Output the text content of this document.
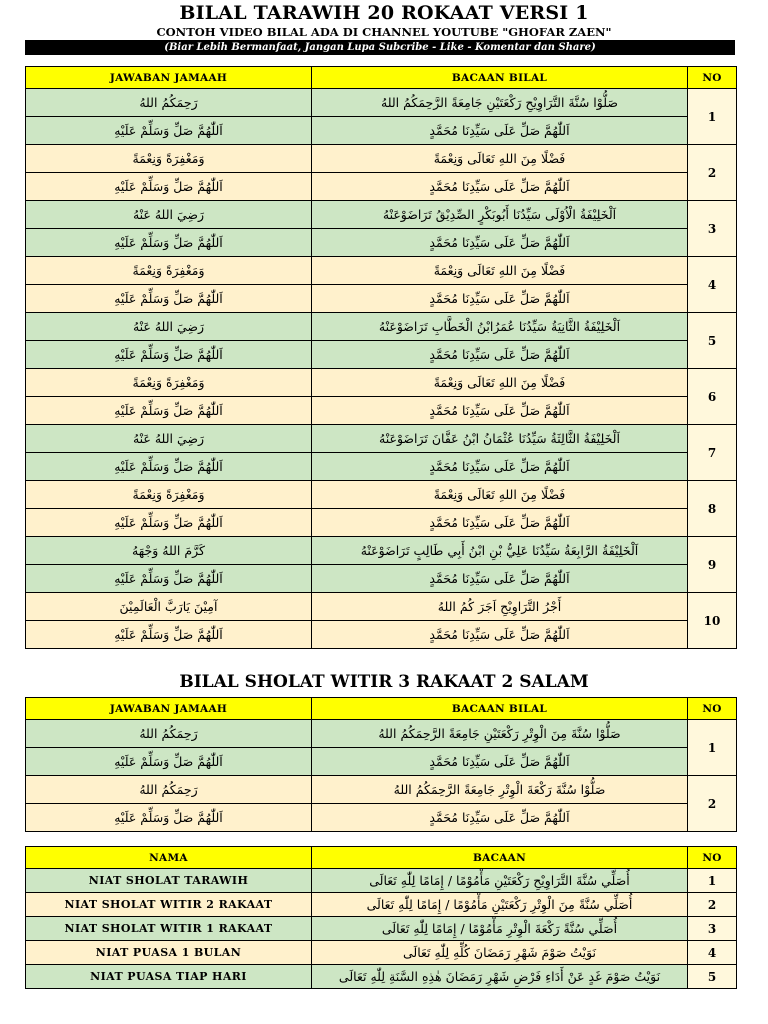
BILAL TARAWIH 20 ROKAAT VERSI 1
CONTOH VIDEO BILAL ADA DI CHANNEL YOUTUBE "GHOFAR ZAEN"
(Biar Lebih Bermanfaat, Jangan Lupa Subcribe - Like - Komentar dan Share)
JAWABAN JAMAAH	BACAAN BILAL	NO
رَحِمَكُمُ اللهُ	صَلُّوْا سُنَّةَ التَّرَاوِيْحِ رَكْعَتَيْنِ جَامِعَةً الرَّحِمَكُمُ اللهُ	1
اَللّٰهُمَّ صَلِّ وَسَلِّمْ عَلَيْهِ	اَللّٰهُمَّ صَلِّ عَلَى سَيِّدِنَا مُحَمَّدٍ	
وَمَغْفِرَةً وَنِعْمَةً	فَضْلًا مِنَ اللهِ تَعَالَى وَنِعْمَةً	2
اَللّٰهُمَّ صَلِّ وَسَلِّمْ عَلَيْهِ	اَللّٰهُمَّ صَلِّ عَلَى سَيِّدِنَا مُحَمَّدٍ	
رَضِيَ اللهُ عَنْهُ	اَلْخَلِيْفَةُ الْاُوْلَى سَيِّدُنَا أَبُوبَكْرٍ الصِّدِيْقُ تَرَاضَوْعَنْهُ	3
اَللّٰهُمَّ صَلِّ وَسَلِّمْ عَلَيْهِ	اَللّٰهُمَّ صَلِّ عَلَى سَيِّدِنَا مُحَمَّدٍ	
وَمَغْفِرَةً وَنِعْمَةً	فَضْلًا مِنَ اللهِ تَعَالَى وَنِعْمَةً	4
اَللّٰهُمَّ صَلِّ وَسَلِّمْ عَلَيْهِ	اَللّٰهُمَّ صَلِّ عَلَى سَيِّدِنَا مُحَمَّدٍ	
رَضِيَ اللهُ عَنْهُ	اَلْخَلِيْفَةُ الثَّانِيَةُ سَيِّدُنَا عُمَرُابْنُ الْخَطَّابِ تَرَاضَوْعَنْهُ	5
اَللّٰهُمَّ صَلِّ وَسَلِّمْ عَلَيْهِ	اَللّٰهُمَّ صَلِّ عَلَى سَيِّدِنَا مُحَمَّدٍ	
وَمَغْفِرَةً وَنِعْمَةً	فَضْلًا مِنَ اللهِ تَعَالَى وَنِعْمَةً	6
اَللّٰهُمَّ صَلِّ وَسَلِّمْ عَلَيْهِ	اَللّٰهُمَّ صَلِّ عَلَى سَيِّدِنَا مُحَمَّدٍ	
رَضِيَ اللهُ عَنْهُ	اَلْخَلِيْفَةُ الثَّالِثَةُ سَيِّدُنَا عُثْمَانُ ابْنُ عَفَّانَ تَرَاضَوْعَنْهُ	7
اَللّٰهُمَّ صَلِّ وَسَلِّمْ عَلَيْهِ	اَللّٰهُمَّ صَلِّ عَلَى سَيِّدِنَا مُحَمَّدٍ	
وَمَغْفِرَةً وَنِعْمَةً	فَضْلًا مِنَ اللهِ تَعَالَى وَنِعْمَةً	8
اَللّٰهُمَّ صَلِّ وَسَلِّمْ عَلَيْهِ	اَللّٰهُمَّ صَلِّ عَلَى سَيِّدِنَا مُحَمَّدٍ	
كَرَّمَ اللهُ وَجْهَهُ	اَلْخَلِيْفَةُ الرَّابِعَةُ سَيِّدُنَا عَلِيُّ بْنِ ابْنُ أَبِي طَالِبٍ تَرَاضَوْعَنْهُ	9
اَللّٰهُمَّ صَلِّ وَسَلِّمْ عَلَيْهِ	اَللّٰهُمَّ صَلِّ عَلَى سَيِّدِنَا مُحَمَّدٍ	
آمِيْنَ يَارَبَّ الْعَالَمِيْنَ	أَجْرُ التَّرَاوِيْحِ اَجَرَ كُمُ اللهُ	10
اَللّٰهُمَّ صَلِّ وَسَلِّمْ عَلَيْهِ	اَللّٰهُمَّ صَلِّ عَلَى سَيِّدِنَا مُحَمَّدٍ	
BILAL SHOLAT WITIR 3 RAKAAT 2 SALAM
JAWABAN JAMAAH	BACAAN BILAL	NO
رَحِمَكُمُ اللهُ	صَلُّوْا سُنَّةَ مِنَ الْوِتْرِ رَكْعَتَيْنِ جَامِعَةً الرَّحِمَكُمُ اللهُ	1
اَللّٰهُمَّ صَلِّ وَسَلِّمْ عَلَيْهِ	اَللّٰهُمَّ صَلِّ عَلَى سَيِّدِنَا مُحَمَّدٍ	
رَحِمَكُمُ اللهُ	صَلُّوْا سُنَّةَ رَكْعَةَ الْوِتْرِ جَامِعَةً الرَّحِمَكُمُ اللهُ	2
اَللّٰهُمَّ صَلِّ وَسَلِّمْ عَلَيْهِ	اَللّٰهُمَّ صَلِّ عَلَى سَيِّدِنَا مُحَمَّدٍ	
NAMA	BACAAN	NO
NIAT SHOLAT TARAWIH	أُصَلِّي سُنَّةَ التَّرَاوِيْحِ رَكْعَتَيْنِ مَأْمُوْمًا / إِمَامًا لِلّٰهِ تَعَالَى	1
NIAT SHOLAT WITIR 2 RAKAAT	أُصَلِّي سُنَّةً مِنَ الْوِتْرِ رَكْعَتَيْنِ مَأْمُوْمًا / إِمَامًا لِلّٰهِ تَعَالَى	2
NIAT SHOLAT WITIR 1 RAKAAT	أُصَلِّي سُنَّةً رَكْعَةَ الْوِتْرِ مَأْمُوْمًا / إِمَامًا لِلّٰهِ تَعَالَى	3
NIAT PUASA 1 BULAN	نَوَيْتُ صَوْمَ شَهْرِ رَمَضَانَ كُلِّهِ لِلّٰهِ تَعَالَى	4
NIAT PUASA TIAP HARI	نَوَيْتُ صَوْمَ غَدٍ عَنْ أَدَاءِ فَرْضِ شَهْرِ رَمَضَانَ هٰذِهِ السَّنَةِ لِلّٰهِ تَعَالَى	5
